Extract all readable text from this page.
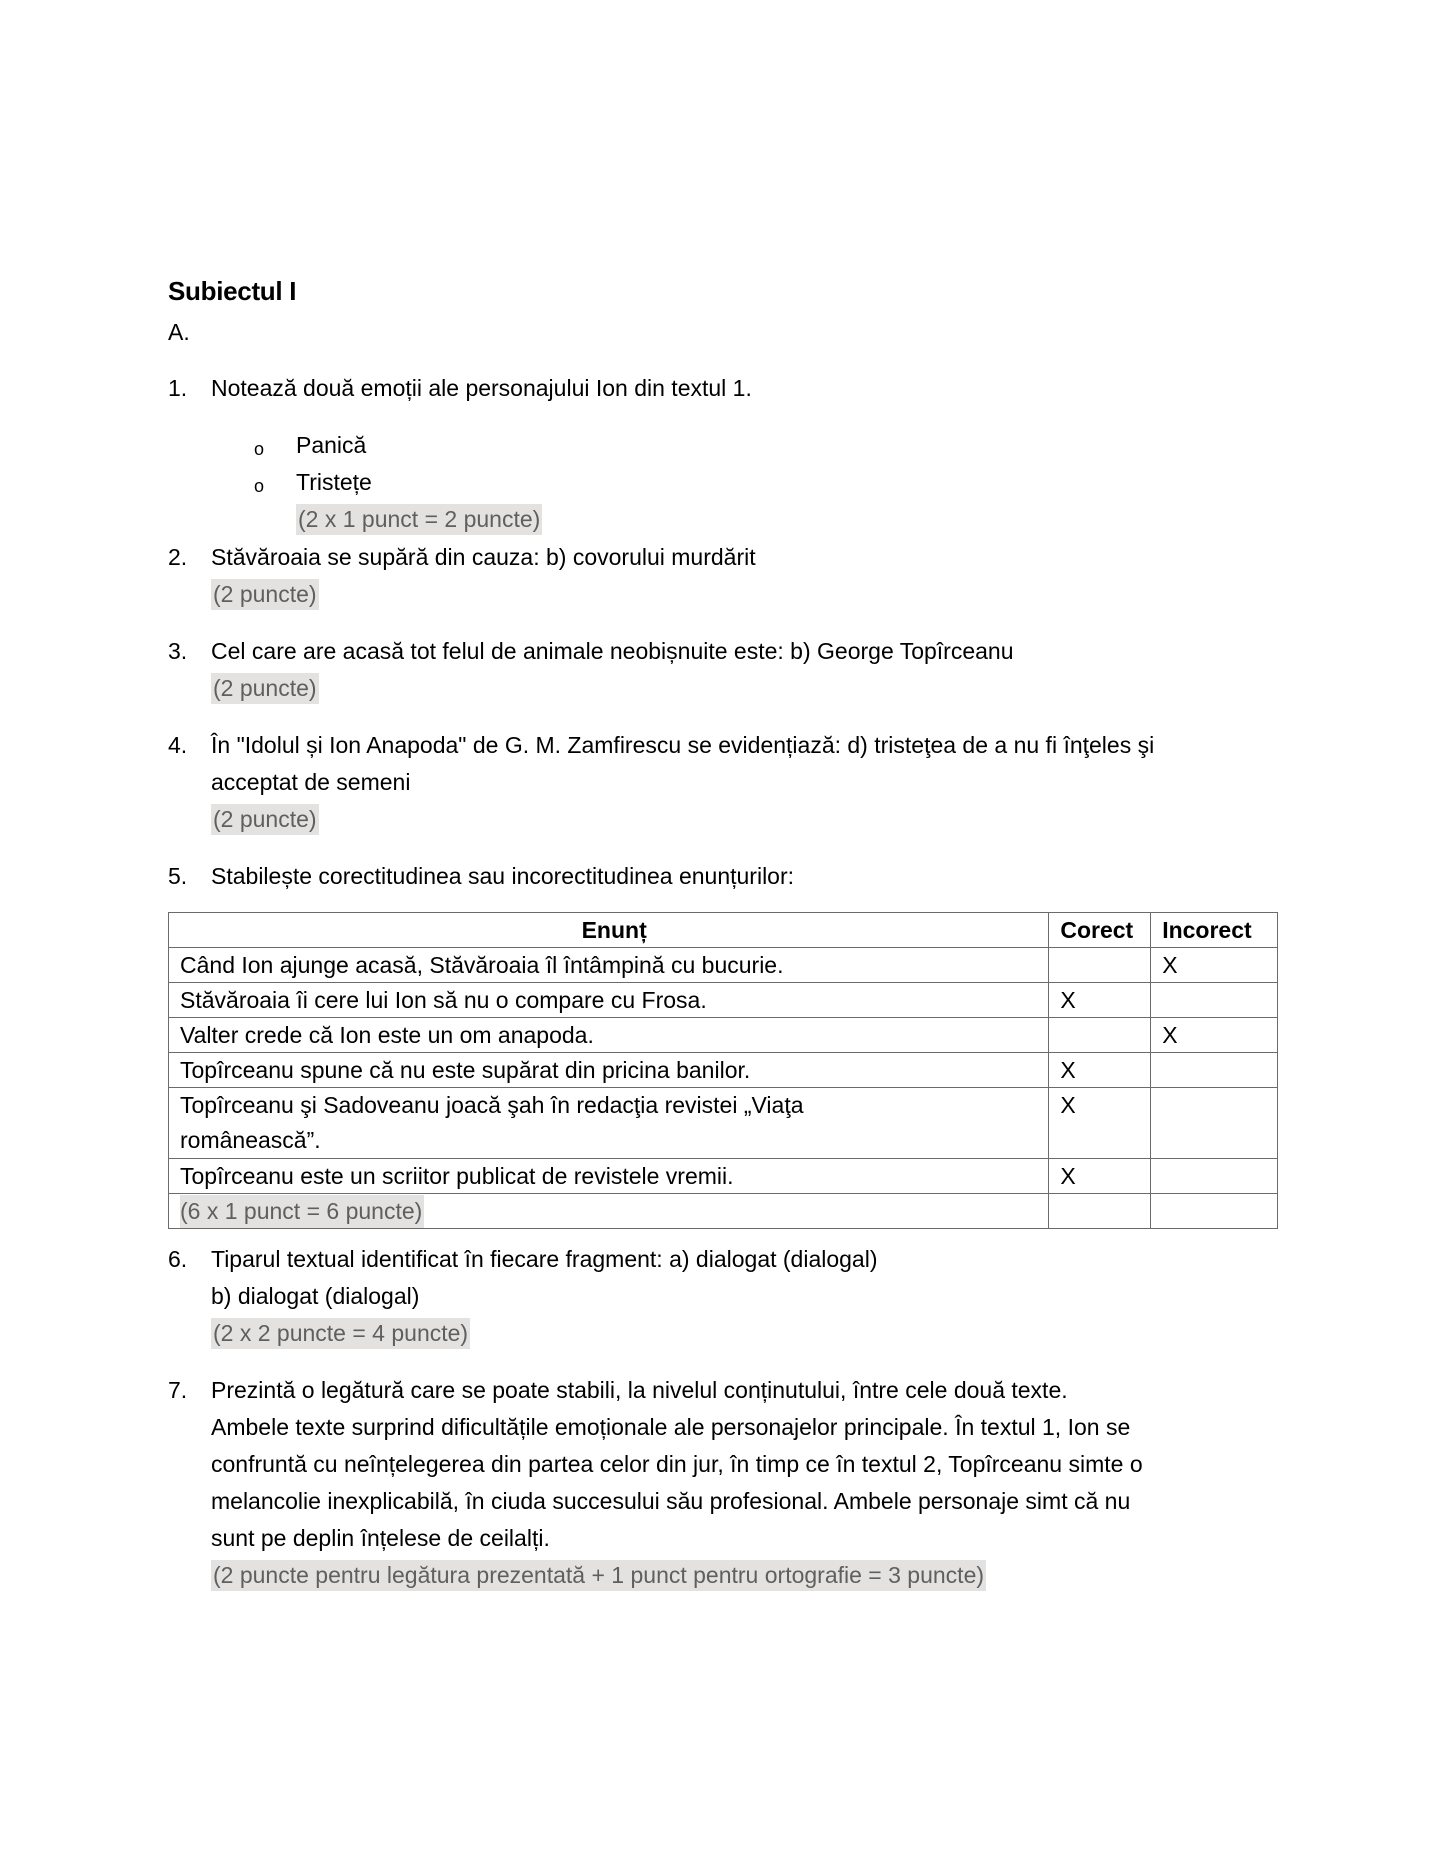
Subiectul I
A.
1. Notează două emoții ale personajului Ion din textul 1.
o Panică
o Tristețe
(2 x 1 punct = 2 puncte)
2. Stăvăroaia se supără din cauza: b) covorului murdărit
(2 puncte)
3. Cel care are acasă tot felul de animale neobișnuite este: b) George Topîrceanu
(2 puncte)
4. În "Idolul și Ion Anapoda" de G. M. Zamfirescu se evidențiază: d) tristeţea de a nu fi înţeles şi
acceptat de semeni
(2 puncte)
5. Stabilește corectitudinea sau incorectitudinea enunțurilor:
Enunț	Corect	Incorect
Când Ion ajunge acasă, Stăvăroaia îl întâmpină cu bucurie.		X
Stăvăroaia îi cere lui Ion să nu o compare cu Frosa.	X	
Valter crede că Ion este un om anapoda.		X
Topîrceanu spune că nu este supărat din pricina banilor.	X	

Topîrceanu şi Sadoveanu joacă şah în redacţia revistei „Viaţa
românească”.	X	
Topîrceanu este un scriitor publicat de revistele vremii.	X	
(6 x 1 punct = 6 puncte)		
6. Tiparul textual identificat în fiecare fragment: a) dialogat (dialogal)
b) dialogat (dialogal)
(2 x 2 puncte = 4 puncte)
7. Prezintă o legătură care se poate stabili, la nivelul conținutului, între cele două texte.
Ambele texte surprind dificultățile emoționale ale personajelor principale. În textul 1, Ion se
confruntă cu neînțelegerea din partea celor din jur, în timp ce în textul 2, Topîrceanu simte o
melancolie inexplicabilă, în ciuda succesului său profesional. Ambele personaje simt că nu
sunt pe deplin înțelese de ceilalți.
(2 puncte pentru legătura prezentată + 1 punct pentru ortografie = 3 puncte)
